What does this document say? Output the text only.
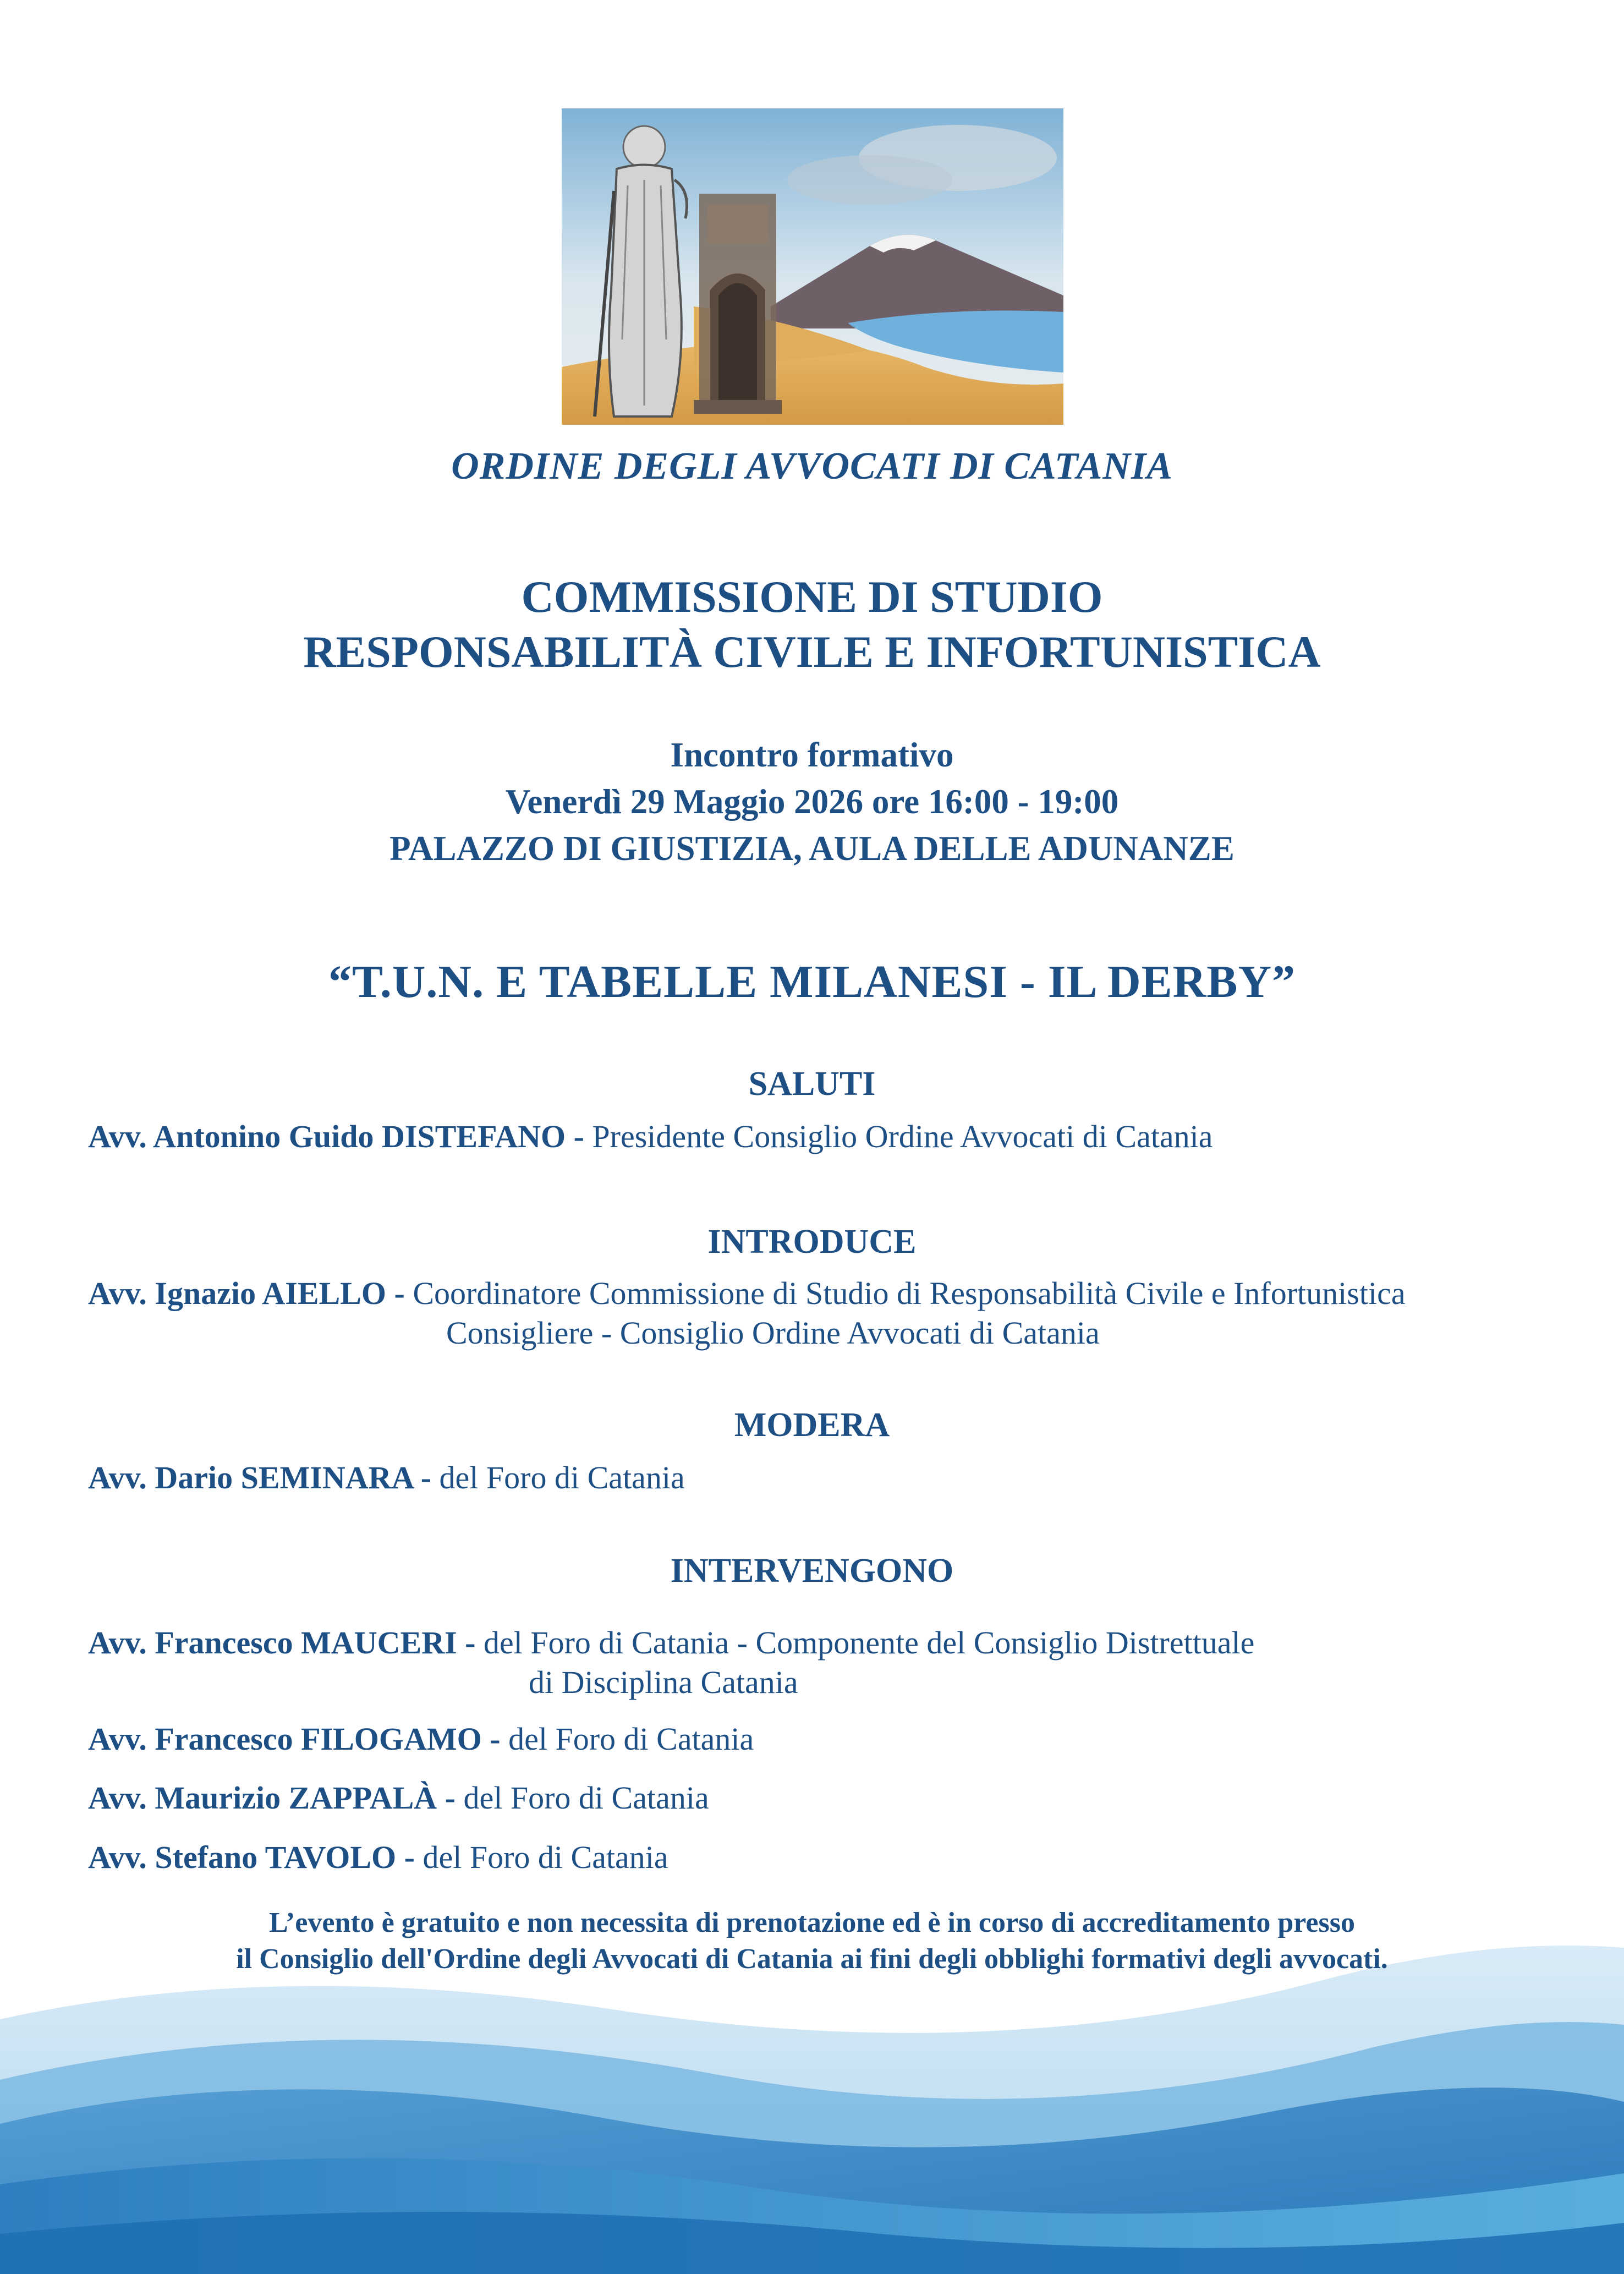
ORDINE DEGLI AVVOCATI DI CATANIA
COMMISSIONE DI STUDIO
RESPONSABILITÀ CIVILE E INFORTUNISTICA
Incontro formativo
Venerdì 29 Maggio 2026 ore 16:00 - 19:00
PALAZZO DI GIUSTIZIA, AULA DELLE ADUNANZE
“T.U.N. E TABELLE MILANESI - IL DERBY”
SALUTI
Avv. Antonino Guido DISTEFANO - Presidente Consiglio Ordine Avvocati di Catania
INTRODUCE
Avv. Ignazio AIELLO - Coordinatore Commissione di Studio di Responsabilità Civile e Infortunistica
Consigliere - Consiglio Ordine Avvocati di Catania
MODERA
Avv. Dario SEMINARA - del Foro di Catania
INTERVENGONO
Avv. Francesco MAUCERI - del Foro di Catania - Componente del Consiglio Distrettuale
di Disciplina Catania
Avv. Francesco FILOGAMO - del Foro di Catania
Avv. Maurizio ZAPPALÀ - del Foro di Catania
Avv. Stefano TAVOLO - del Foro di Catania
L’evento è gratuito e non necessita di prenotazione ed è in corso di accreditamento presso
il Consiglio dell'Ordine degli Avvocati di Catania ai fini degli obblighi formativi degli avvocati.
